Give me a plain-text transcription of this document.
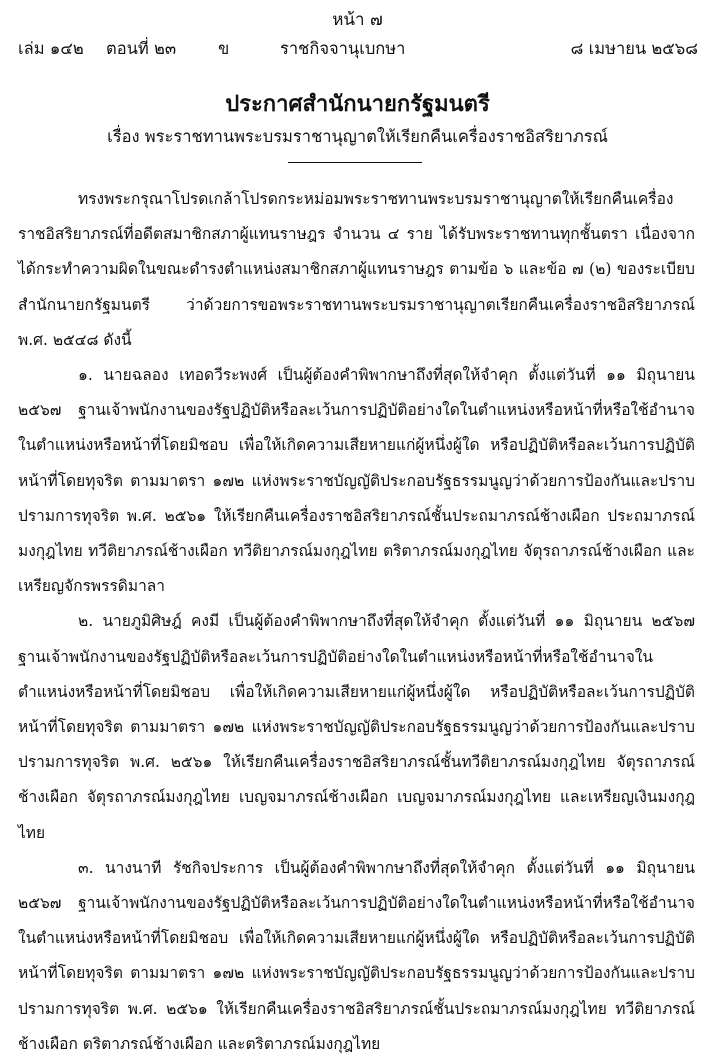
หน้า ๗
เล่ม ๑๔๒ ตอนที่ ๒๓	ข	ราชกิจจานุเบกษา	๘ เมษายน ๒๕๖๘
ประกาศสำนักนายกรัฐมนตรี
เรื่อง พระราชทานพระบรมราชานุญาตให้เรียกคืนเครื่องราชอิสริยาภรณ์

ทรงพระกรุณาโปรดเกล้าโปรดกระหม่อมพระราชทานพระบรมราชานุญาตให้เรียกคืนเครื่องราชอิสริยาภรณ์ที่อดีตสมาชิกสภาผู้แทนราษฎร จำนวน ๔ ราย ได้รับพระราชทานทุกชั้นตรา เนื่องจากได้กระทำความผิดในขณะดำรงตำแหน่งสมาชิกสภาผู้แทนราษฎร ตามข้อ ๖ และข้อ ๗ (๒) ของระเบียบสำนักนายกรัฐมนตรี ว่าด้วยการขอพระราชทานพระบรมราชานุญาตเรียกคืนเครื่องราชอิสริยาภรณ์ พ.ศ. ๒๕๔๘ ดังนี้

๑. นายฉลอง เทอดวีระพงศ์ เป็นผู้ต้องคำพิพากษาถึงที่สุดให้จำคุก ตั้งแต่วันที่ ๑๑ มิถุนายน ๒๕๖๗ ฐานเจ้าพนักงานของรัฐปฏิบัติหรือละเว้นการปฏิบัติอย่างใดในตำแหน่งหรือหน้าที่หรือใช้อำนาจในตำแหน่งหรือหน้าที่โดยมิชอบ เพื่อให้เกิดความเสียหายแก่ผู้หนึ่งผู้ใด หรือปฏิบัติหรือละเว้นการปฏิบัติหน้าที่โดยทุจริต ตามมาตรา ๑๗๒ แห่งพระราชบัญญัติประกอบรัฐธรรมนูญว่าด้วยการป้องกันและปราบปรามการทุจริต พ.ศ. ๒๕๖๑ ให้เรียกคืนเครื่องราชอิสริยาภรณ์ชั้นประถมาภรณ์ช้างเผือก ประถมาภรณ์มงกุฎไทย ทวีติยาภรณ์ช้างเผือก ทวีติยาภรณ์มงกุฎไทย ตริตาภรณ์มงกุฎไทย จัตุรถาภรณ์ช้างเผือก และเหรียญจักรพรรดิมาลา

๒. นายภูมิศิษฎ์ คงมี เป็นผู้ต้องคำพิพากษาถึงที่สุดให้จำคุก ตั้งแต่วันที่ ๑๑ มิถุนายน ๒๕๖๗ ฐานเจ้าพนักงานของรัฐปฏิบัติหรือละเว้นการปฏิบัติอย่างใดในตำแหน่งหรือหน้าที่หรือใช้อำนาจในตำแหน่งหรือหน้าที่โดยมิชอบ เพื่อให้เกิดความเสียหายแก่ผู้หนึ่งผู้ใด หรือปฏิบัติหรือละเว้นการปฏิบัติหน้าที่โดยทุจริต ตามมาตรา ๑๗๒ แห่งพระราชบัญญัติประกอบรัฐธรรมนูญว่าด้วยการป้องกันและปราบปรามการทุจริต พ.ศ. ๒๕๖๑ ให้เรียกคืนเครื่องราชอิสริยาภรณ์ชั้นทวีติยาภรณ์มงกุฎไทย จัตุรถาภรณ์ช้างเผือก จัตุรถาภรณ์มงกุฎไทย เบญจมาภรณ์ช้างเผือก เบญจมาภรณ์มงกุฎไทย และเหรียญเงินมงกุฎไทย

๓. นางนาที รัชกิจประการ เป็นผู้ต้องคำพิพากษาถึงที่สุดให้จำคุก ตั้งแต่วันที่ ๑๑ มิถุนายน ๒๕๖๗ ฐานเจ้าพนักงานของรัฐปฏิบัติหรือละเว้นการปฏิบัติอย่างใดในตำแหน่งหรือหน้าที่หรือใช้อำนาจในตำแหน่งหรือหน้าที่โดยมิชอบ เพื่อให้เกิดความเสียหายแก่ผู้หนึ่งผู้ใด หรือปฏิบัติหรือละเว้นการปฏิบัติหน้าที่โดยทุจริต ตามมาตรา ๑๗๒ แห่งพระราชบัญญัติประกอบรัฐธรรมนูญว่าด้วยการป้องกันและปราบปรามการทุจริต พ.ศ. ๒๕๖๑ ให้เรียกคืนเครื่องราชอิสริยาภรณ์ชั้นประถมาภรณ์มงกุฎไทย ทวีติยาภรณ์ช้างเผือก ตริตาภรณ์ช้างเผือก และตริตาภรณ์มงกุฎไทย
